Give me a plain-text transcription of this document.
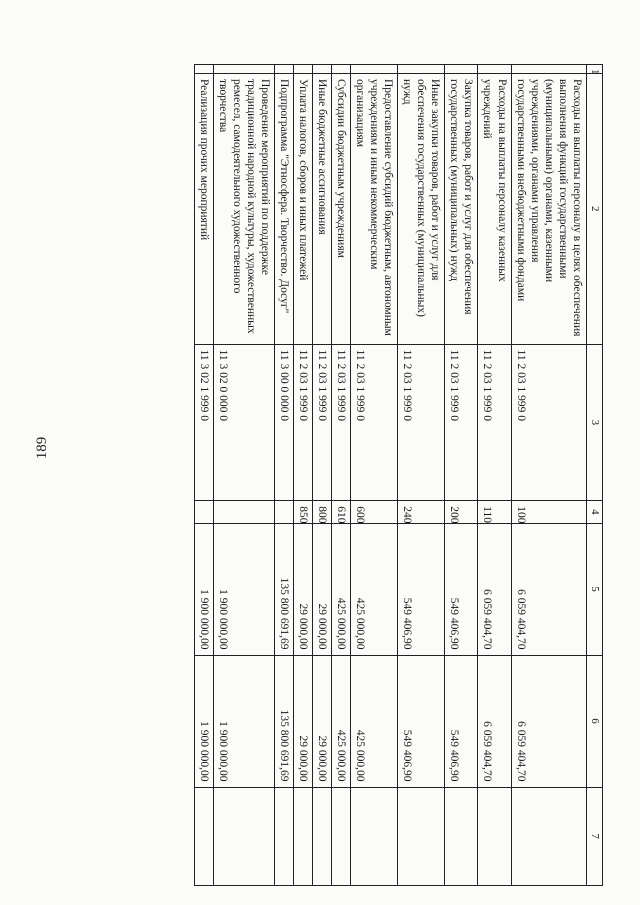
189
1	2	3	4	5	6	7
	Расходы на выплаты персоналу в целях обеспечения выполнения функций государственными (муниципальными) органами, казенными учреждениями, органами управления государственными внебюджетными фондами	11 2 03 1 999 0	100	6 059 404,70	6 059 404,70	
	Расходы на выплаты персоналу казенных учреждений	11 2 03 1 999 0	110	6 059 404,70	6 059 404,70	
	Закупка товаров, работ и услуг для обеспечения государственных (муниципальных) нужд	11 2 03 1 999 0	200	549 406,90	549 406,90	
	Иные закупки товаров, работ и услуг для обеспечения государственных (муниципальных) нужд	11 2 03 1 999 0	240	549 406,90	549 406,90	
	Предоставление субсидий бюджетным, автономным учреждениям и иным некоммерческим организациям	11 2 03 1 999 0	600	425 000,00	425 000,00	
	Субсидии бюджетным учреждениям	11 2 03 1 999 0	610	425 000,00	425 000,00	
	Иные бюджетные ассигнования	11 2 03 1 999 0	800	29 000,00	29 000,00	
	Уплата налогов, сборов и иных платежей	11 2 03 1 999 0	850	29 000,00	29 000,00	
	Подпрограмма "Этносфера. Творчество. Досуг"	11 3 00 0 000 0		135 800 691,69	135 800 691,69	
	Проведение мероприятий по поддержке традиционной народной культуры, художественных ремесел, самодеятельного художественного творчества	11 3 02 0 000 0		1 900 000,00	1 900 000,00	
	Реализация прочих мероприятий	11 3 02 1 999 0		1 900 000,00	1 900 000,00	
